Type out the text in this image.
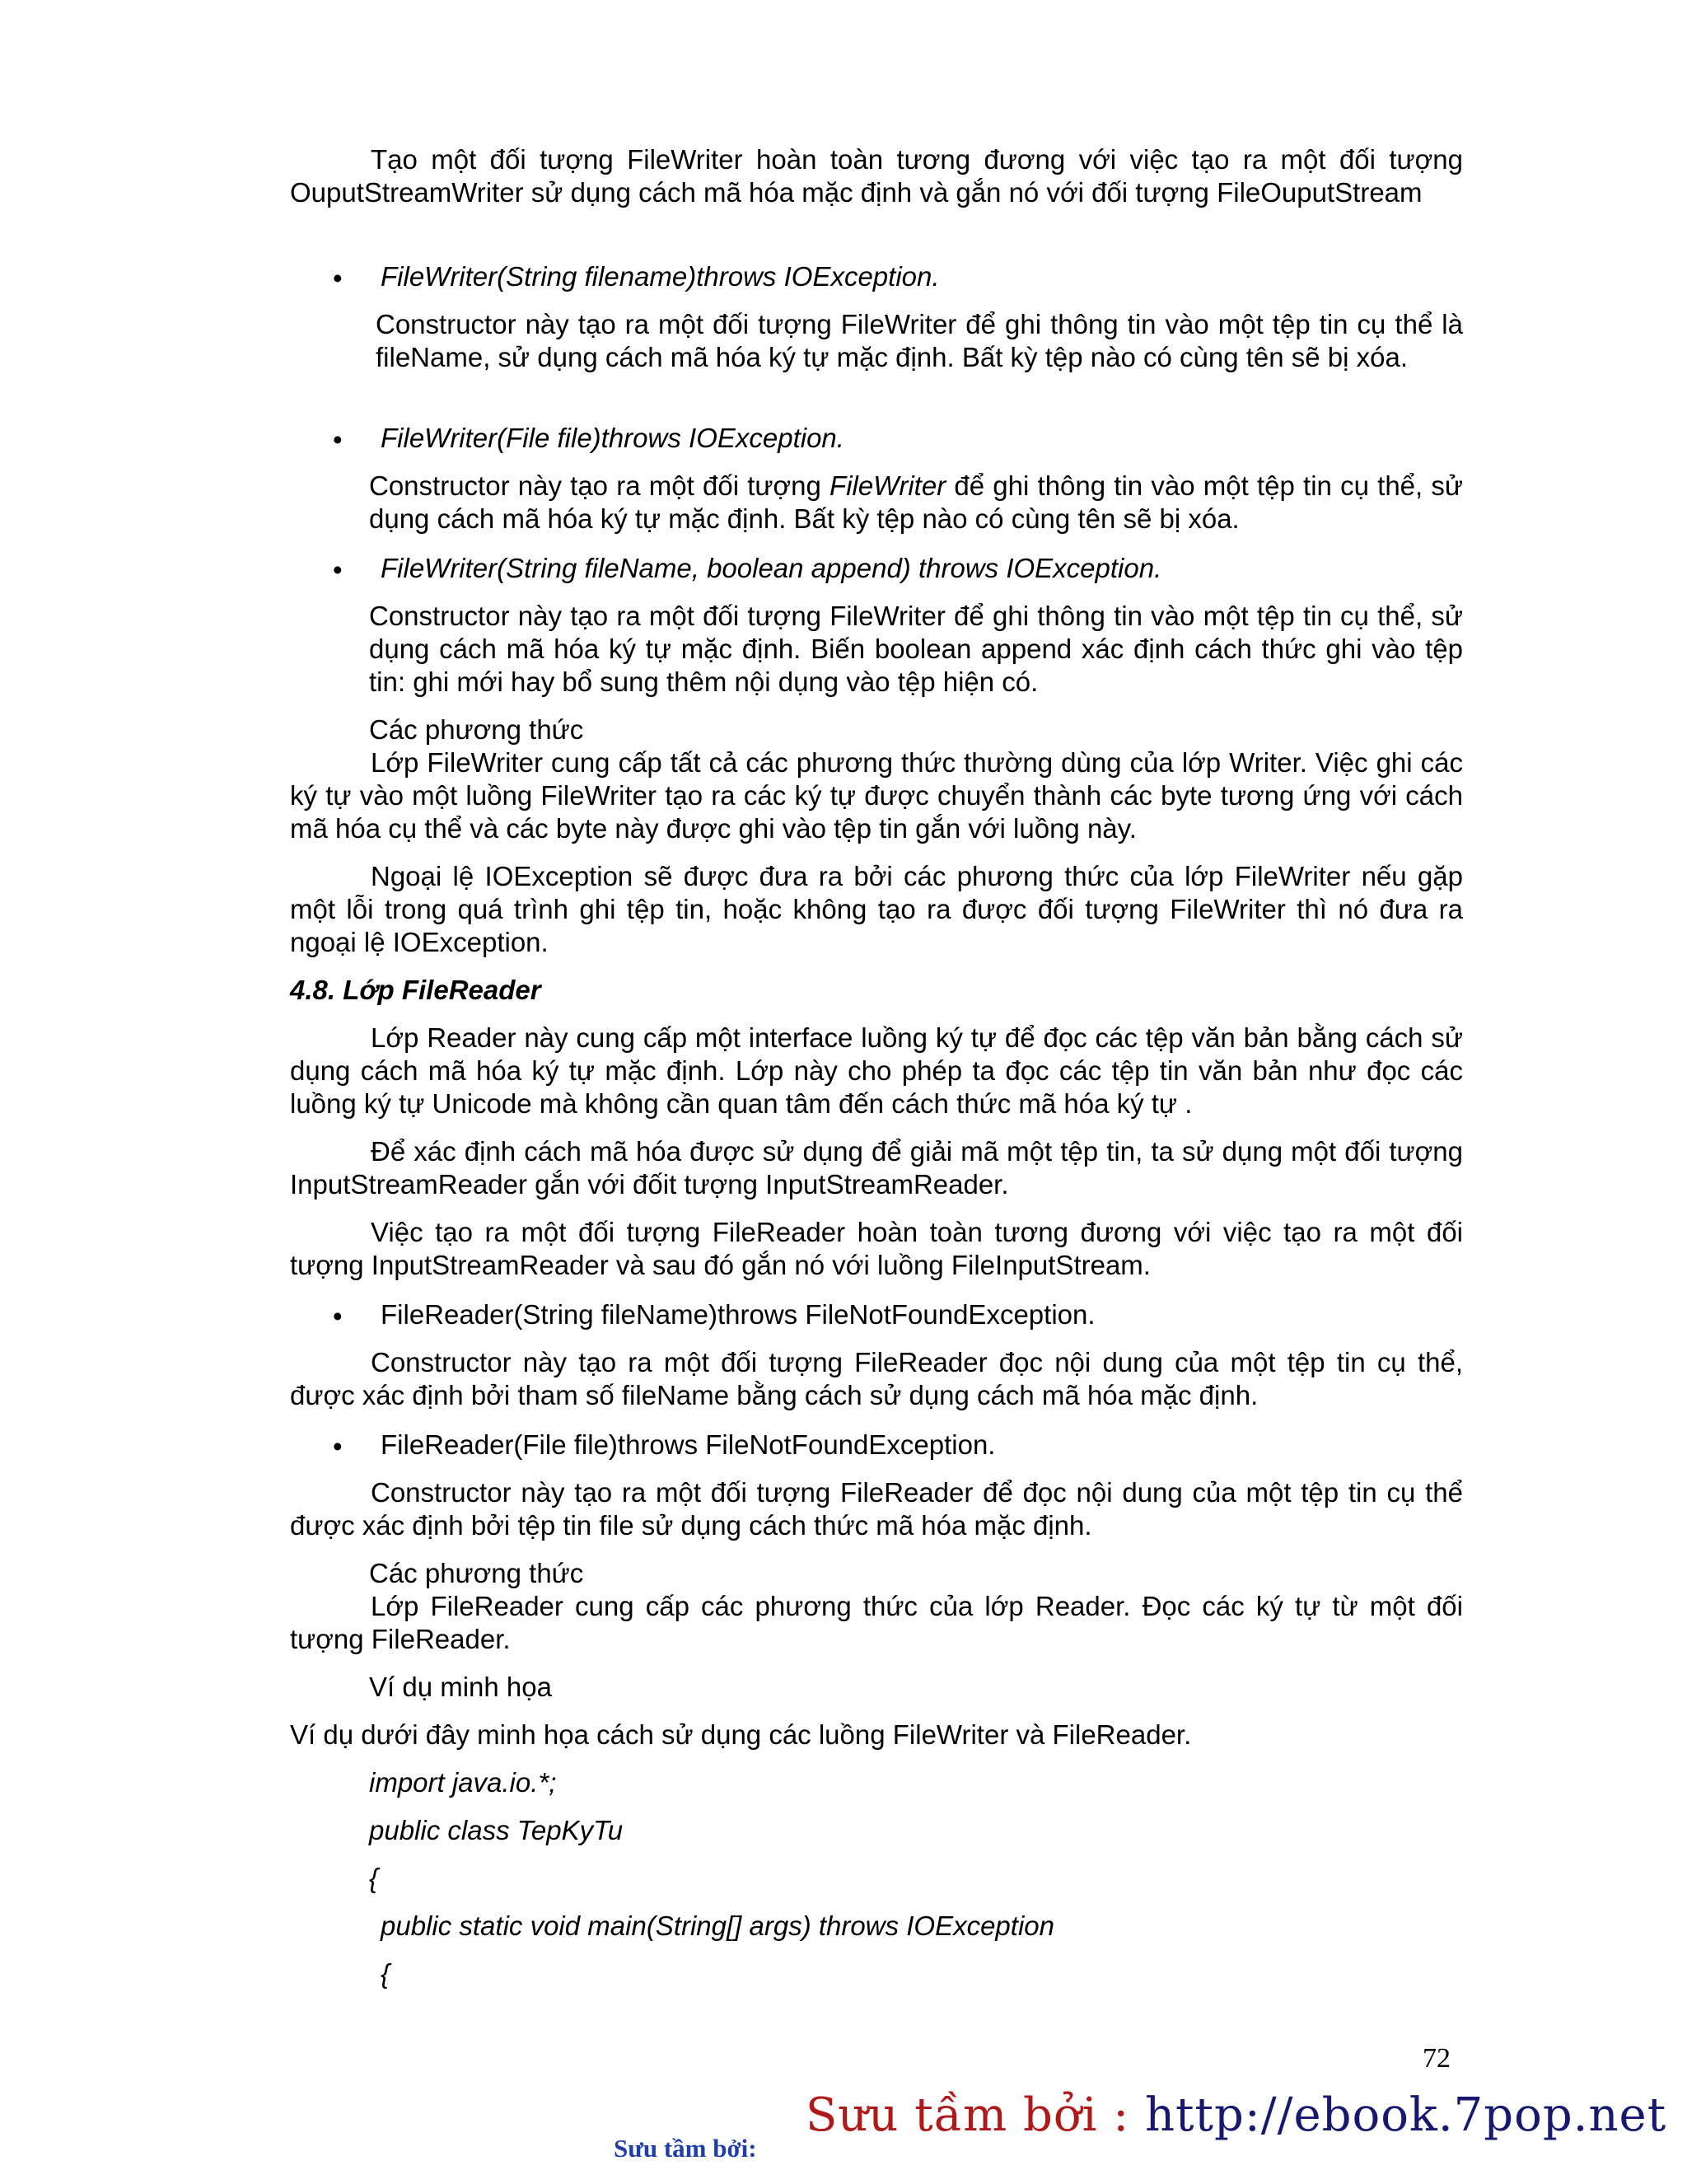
Tạo một đối tượng FileWriter hoàn toàn tương đương với việc tạo ra một đối tượng OuputStreamWriter sử dụng cách mã hóa mặc định và gắn nó với đối tượng FileOuputStream

• FileWriter(String filename)throws IOException.

Constructor này tạo ra một đối tượng FileWriter để ghi thông tin vào một tệp tin cụ thể là fileName, sử dụng cách mã hóa ký tự mặc định. Bất kỳ tệp nào có cùng tên sẽ bị xóa.

• FileWriter(File file)throws IOException.

Constructor này tạo ra một đối tượng FileWriter để ghi thông tin vào một tệp tin cụ thể, sử dụng cách mã hóa ký tự mặc định. Bất kỳ tệp nào có cùng tên sẽ bị xóa.

• FileWriter(String fileName, boolean append) throws IOException.

Constructor này tạo ra một đối tượng FileWriter để ghi thông tin vào một tệp tin cụ thể, sử dụng cách mã hóa ký tự mặc định. Biến boolean append xác định cách thức ghi vào tệp tin: ghi mới hay bổ sung thêm nội dụng vào tệp hiện có.

Các phương thức

Lớp FileWriter cung cấp tất cả các phương thức thường dùng của lớp Writer. Việc ghi các ký tự vào một luồng FileWriter tạo ra các ký tự được chuyển thành các byte tương ứng với cách mã hóa cụ thể và các byte này được ghi vào tệp tin gắn với luồng này.

Ngoại lệ IOException sẽ được đưa ra bởi các phương thức của lớp FileWriter nếu gặp một lỗi trong quá trình ghi tệp tin, hoặc không tạo ra được đối tượng FileWriter thì nó đưa ra ngoại lệ IOException.

4.8. Lớp FileReader

Lớp Reader này cung cấp một interface luồng ký tự để đọc các tệp văn bản bằng cách sử dụng cách mã hóa ký tự mặc định. Lớp này cho phép ta đọc các tệp tin văn bản như đọc các luồng ký tự Unicode mà không cần quan tâm đến cách thức mã hóa ký tự .

Để xác định cách mã hóa được sử dụng để giải mã một tệp tin, ta sử dụng một đối tượng InputStreamReader gắn với đốit tượng InputStreamReader.

Việc tạo ra một đối tượng FileReader hoàn toàn tương đương với việc tạo ra một đối tượng InputStreamReader và sau đó gắn nó với luồng FileInputStream.

• FileReader(String fileName)throws FileNotFoundException.

Constructor này tạo ra một đối tượng FileReader đọc nội dung của một tệp tin cụ thể, được xác định bởi tham số fileName bằng cách sử dụng cách mã hóa mặc định.

• FileReader(File file)throws FileNotFoundException.

Constructor này tạo ra một đối tượng FileReader để đọc nội dung của một tệp tin cụ thể được xác định bởi tệp tin file sử dụng cách thức mã hóa mặc định.

Các phương thức

Lớp FileReader cung cấp các phương thức của lớp Reader. Đọc các ký tự từ một đối tượng FileReader.

Ví dụ minh họa
Ví dụ dưới đây minh họa cách sử dụng các luồng FileWriter và FileReader.
import java.io.*;
public class TepKyTu
{
public static void main(String[] args) throws IOException
{
72
Sưu tầm bởi : http://ebook.7pop.net
Sưu tầm bởi:
